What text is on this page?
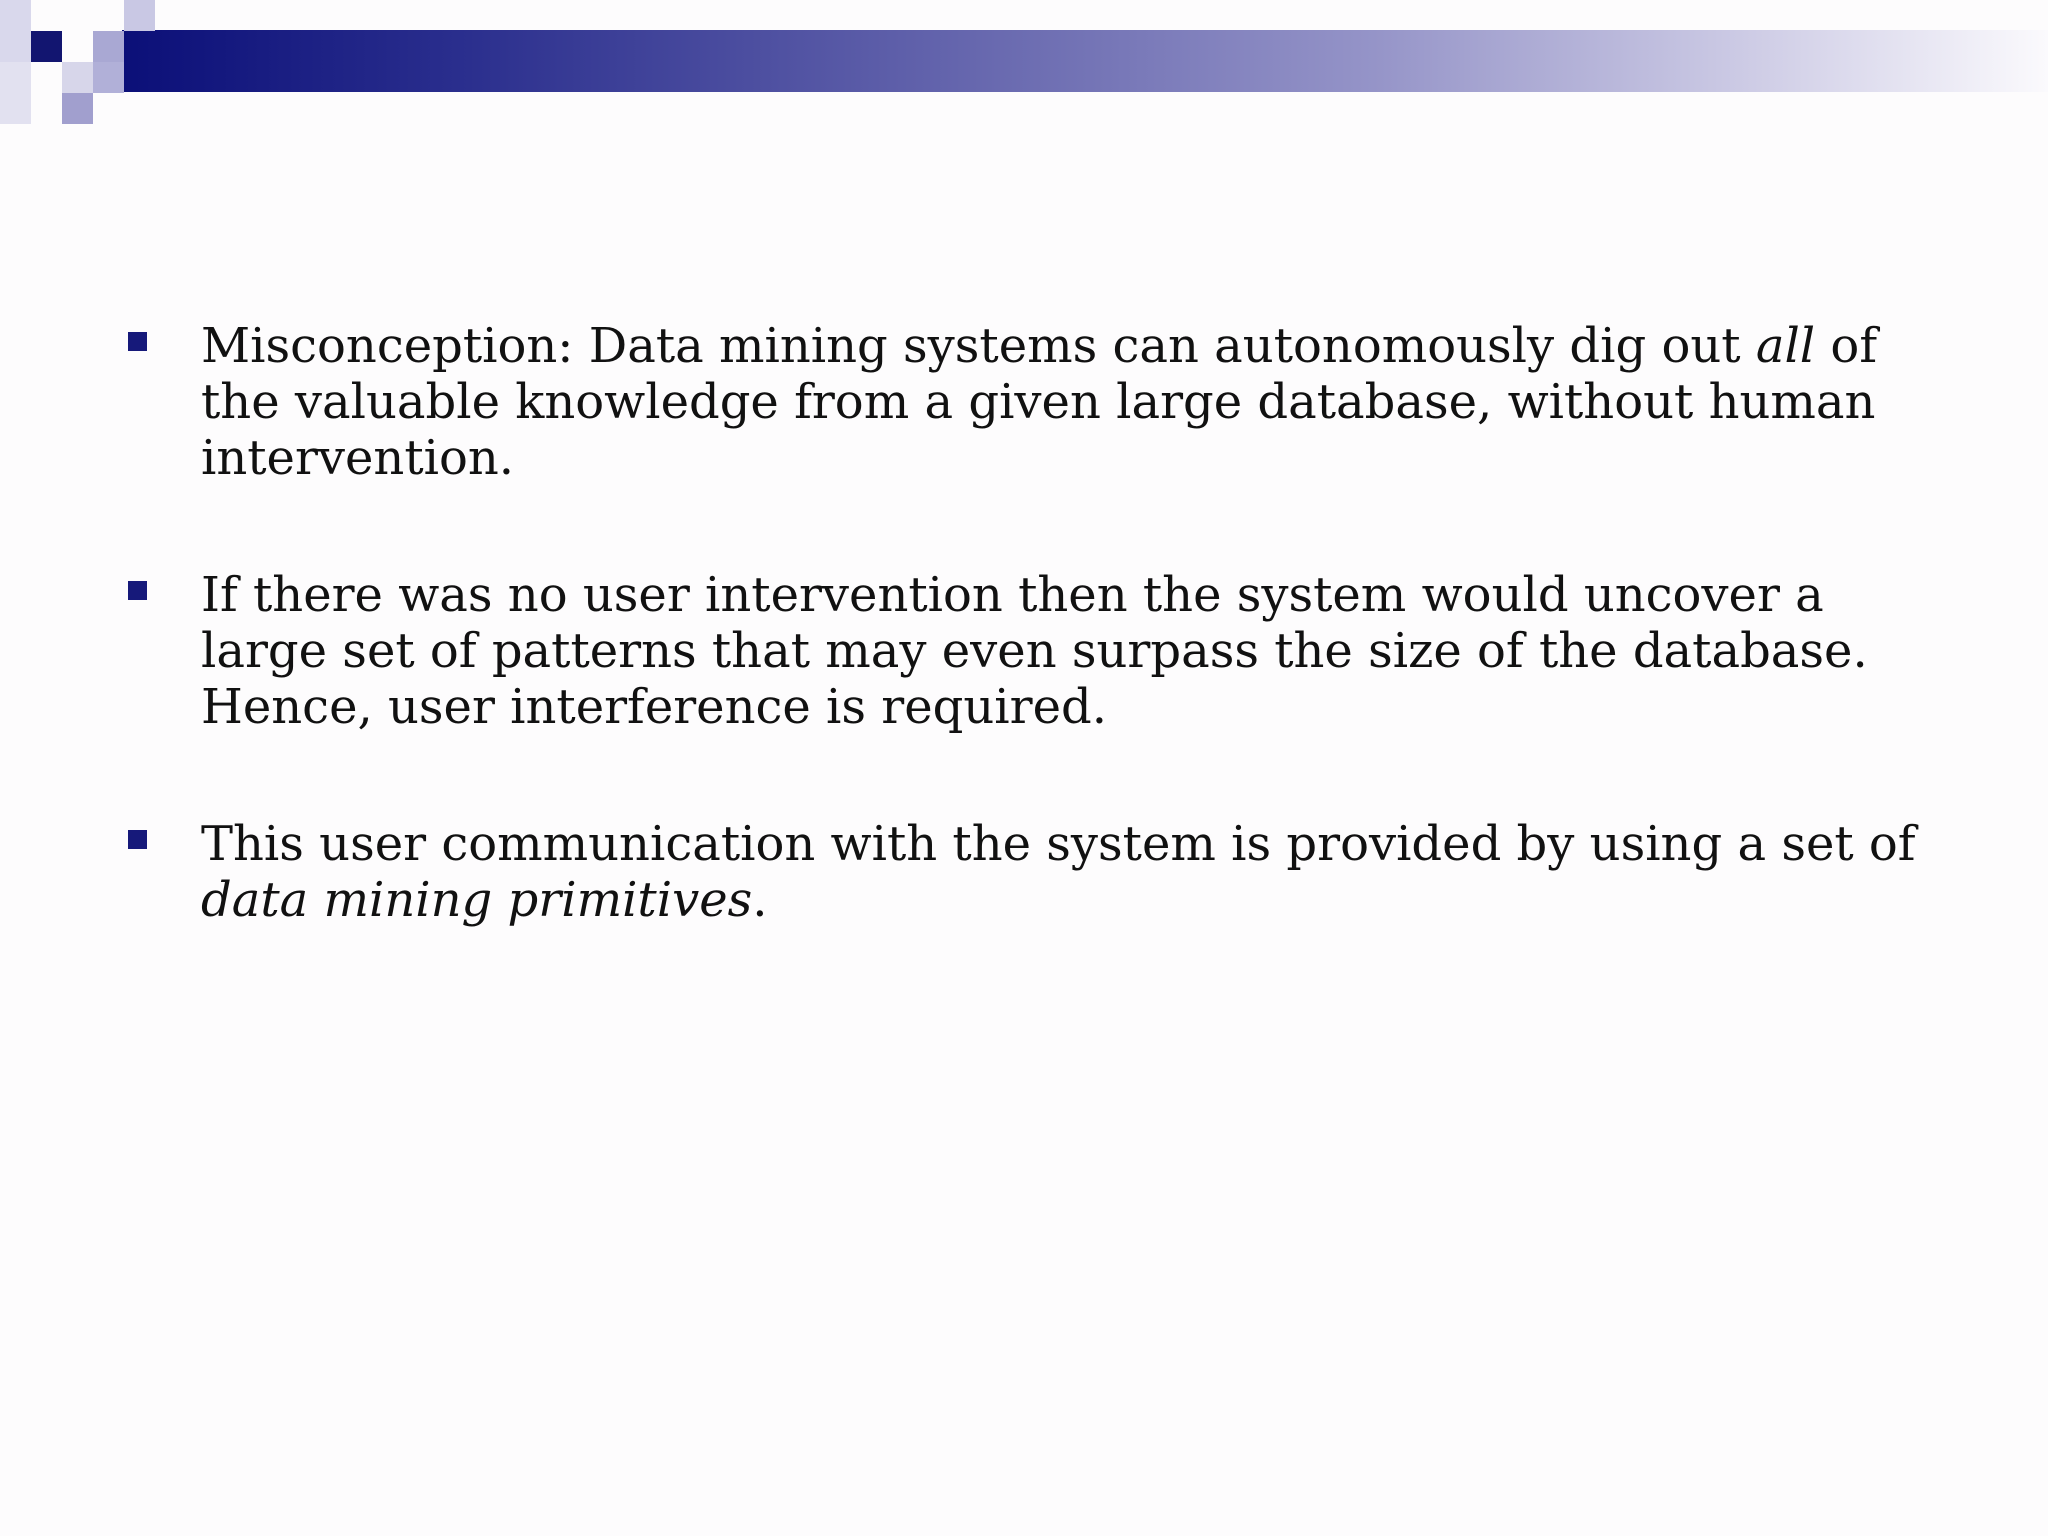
Misconception: Data mining systems can autonomously dig out all of the valuable knowledge from a given large database, without human intervention.
If there was no user intervention then the system would uncover a large set of patterns that may even surpass the size of the database. Hence, user interference is required.
This user communication with the system is provided by using a set of data mining primitives.
